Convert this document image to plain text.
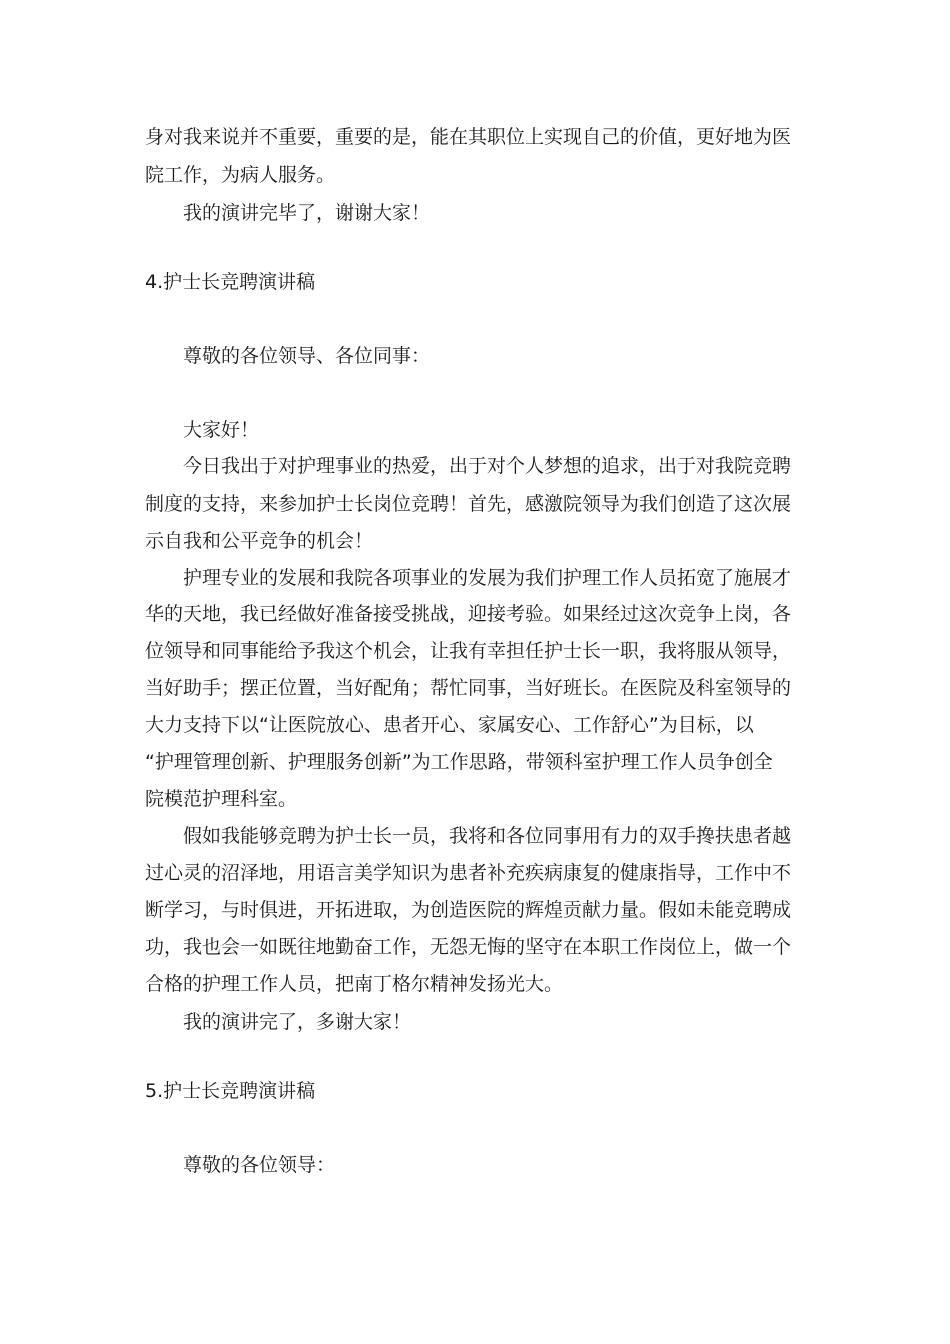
身对我来说并不重要，重要的是，能在其职位上实现自己的价值，更好地为医

院工作，为病人服务。

我的演讲完毕了，谢谢大家！

4.护士长竞聘演讲稿

尊敬的各位领导、各位同事：

大家好！

今日我出于对护理事业的热爱，出于对个人梦想的追求，出于对我院竞聘

制度的支持，来参加护士长岗位竞聘！首先，感激院领导为我们创造了这次展

示自我和公平竞争的机会！

护理专业的发展和我院各项事业的发展为我们护理工作人员拓宽了施展才

华的天地，我已经做好准备接受挑战，迎接考验。如果经过这次竞争上岗，各

位领导和同事能给予我这个机会，让我有幸担任护士长一职，我将服从领导，

当好助手；摆正位置，当好配角；帮忙同事，当好班长。在医院及科室领导的

大力支持下以“让医院放心、患者开心、家属安心、工作舒心”为目标，以

“护理管理创新、护理服务创新”为工作思路，带领科室护理工作人员争创全

院模范护理科室。

假如我能够竞聘为护士长一员，我将和各位同事用有力的双手搀扶患者越

过心灵的沼泽地，用语言美学知识为患者补充疾病康复的健康指导，工作中不

断学习，与时俱进，开拓进取，为创造医院的辉煌贡献力量。假如未能竞聘成

功，我也会一如既往地勤奋工作，无怨无悔的坚守在本职工作岗位上，做一个

合格的护理工作人员，把南丁格尔精神发扬光大。

我的演讲完了，多谢大家！

5.护士长竞聘演讲稿

尊敬的各位领导：
